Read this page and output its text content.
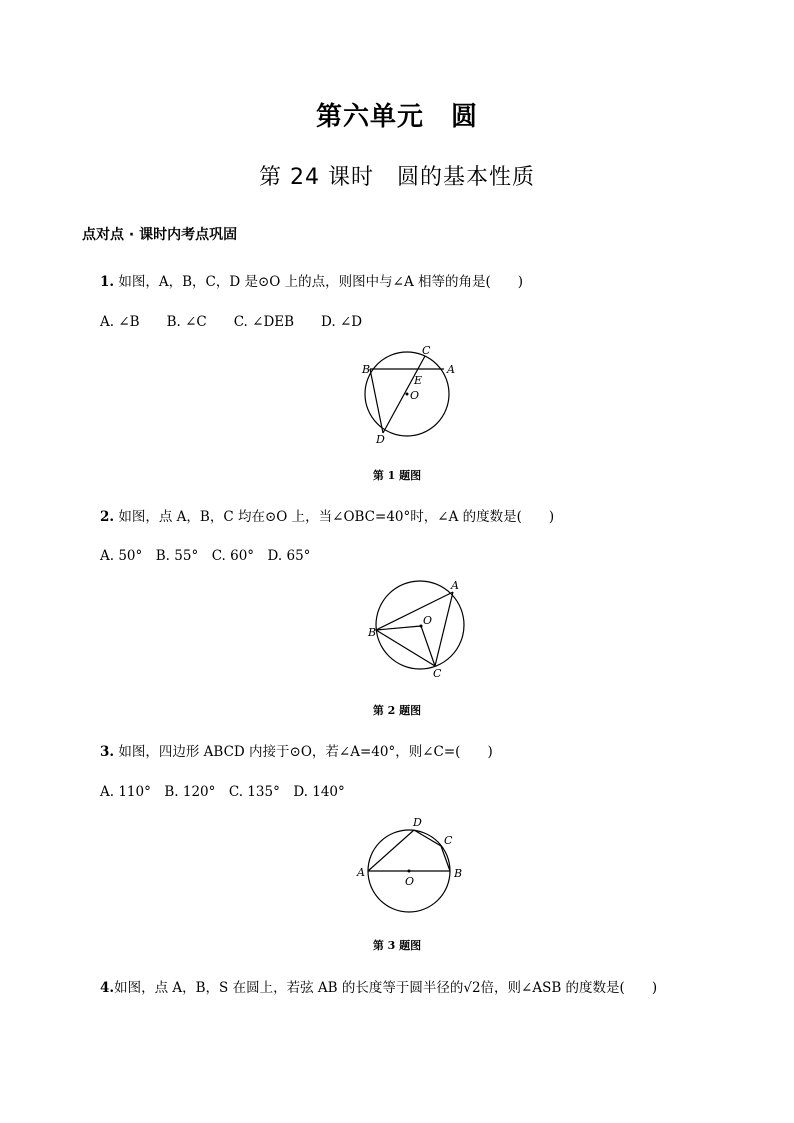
第六单元　圆
第 24 课时　圆的基本性质
点对点 · 课时内考点巩固
1. 如图，A，B，C，D 是⊙O 上的点，则图中与∠A 相等的角是(　　)
A. ∠B　　B. ∠C　　C. ∠DEB　　D. ∠D
B
C
A
E
O
D
第 1 题图
2. 如图，点 A，B，C 均在⊙O 上，当∠OBC=40°时，∠A 的度数是(　　)
A. 50°　B. 55°　C. 60°　D. 65°
A
B
O
C
第 2 题图
3. 如图，四边形 ABCD 内接于⊙O，若∠A=40°，则∠C=(　　)
A. 110°　B. 120°　C. 135°　D. 140°
D
C
A
O
B
第 3 题图
4.如图，点 A，B，S 在圆上，若弦 AB 的长度等于圆半径的√2倍，则∠ASB 的度数是(　　)
